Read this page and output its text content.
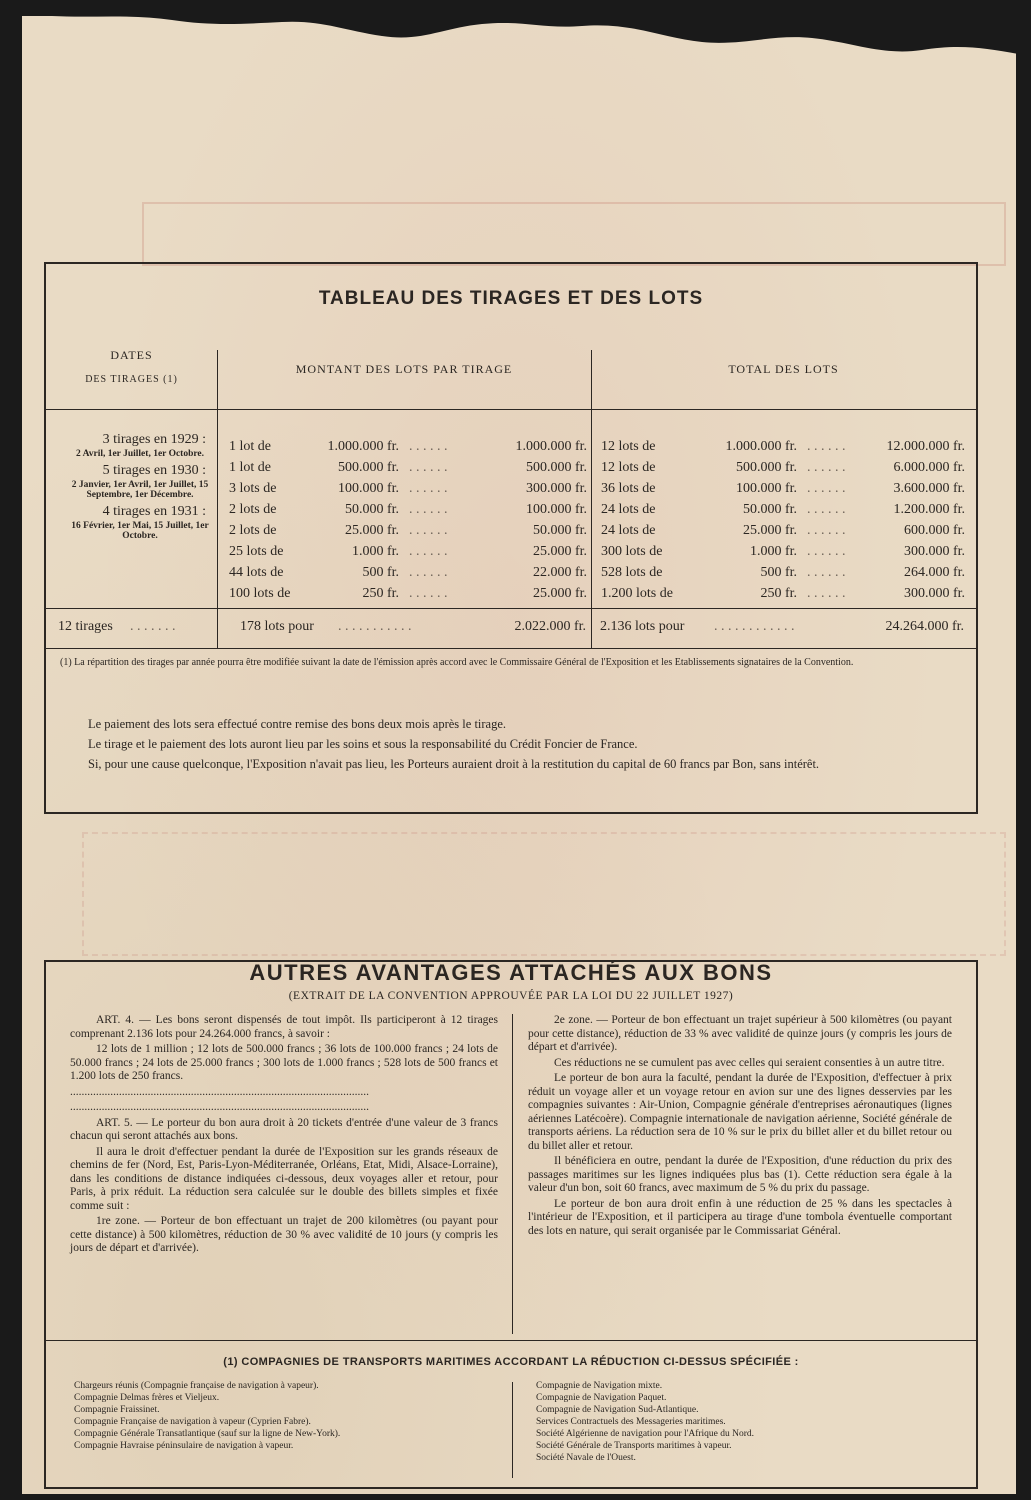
TABLEAU DES TIRAGES ET DES LOTS
DATES
DES TIRAGES (1)
MONTANT DES LOTS PAR TIRAGE	TOTAL DES LOTS
3 tirages en 1929 :
2 Avril, 1er Juillet, 1er Octobre.
5 tirages en 1930 :
2 Janvier, 1er Avril, 1er Juillet, 15 Septembre, 1er Décembre.
4 tirages en 1931 :
16 Février, 1er Mai, 15 Juillet, 1er Octobre.
1 lot de	1.000.000 fr. . . . . . .	1.000.000 fr. 12 lots de	1.000.000 fr. . . . . . .	12.000.000 fr.
1 lot de	500.000 fr. . . . . . .	500.000 fr. 12 lots de	500.000 fr. . . . . . .	6.000.000 fr.
3 lots de	100.000 fr. . . . . . .	300.000 fr. 36 lots de	100.000 fr. . . . . . .	3.600.000 fr.
2 lots de	50.000 fr. . . . . . .	100.000 fr. 24 lots de	50.000 fr. . . . . . .	1.200.000 fr.
2 lots de	25.000 fr. . . . . . .	50.000 fr. 24 lots de	25.000 fr. . . . . . .	600.000 fr.
25 lots de	1.000 fr. . . . . . .	25.000 fr. 300 lots de	1.000 fr. . . . . . .	300.000 fr.
44 lots de	500 fr. . . . . . .	22.000 fr. 528 lots de	500 fr. . . . . . .	264.000 fr.
100 lots de	250 fr. . . . . . .	25.000 fr. 1.200 lots de	250 fr. . . . . . .	300.000 fr.
12 tirages . . . . . . .	178 lots pour . . . . . . . . . . .	2.022.000 fr. 2.136 lots pour . . . . . . . . . . . .	24.264.000 fr.
(1) La répartition des tirages par année pourra être modifiée suivant la date de l'émission après accord avec le Commissaire Général de l'Exposition et les Etablissements signataires de la Convention.

Le paiement des lots sera effectué contre remise des bons deux mois après le tirage.

Le tirage et le paiement des lots auront lieu par les soins et sous la responsabilité du Crédit Foncier de France.

Si, pour une cause quelconque, l'Exposition n'avait pas lieu, les Porteurs auraient droit à la restitution du capital de 60 francs par Bon, sans intérêt.

AUTRES AVANTAGES ATTACHÉS AUX BONS
(EXTRAIT DE LA CONVENTION APPROUVÉE PAR LA LOI DU 22 JUILLET 1927)

ART. 4. — Les bons seront dispensés de tout impôt. Ils participeront à 12 tirages comprenant 2.136 lots pour 24.264.000 francs, à savoir :

12 lots de 1 million ; 12 lots de 500.000 francs ; 36 lots de 100.000 francs ; 24 lots de 50.000 francs ; 24 lots de 25.000 francs ; 300 lots de 1.000 francs ; 528 lots de 500 francs et 1.200 lots de 250 francs.

........................................................................................................

........................................................................................................

ART. 5. — Le porteur du bon aura droit à 20 tickets d'entrée d'une valeur de 3 francs chacun qui seront attachés aux bons.

Il aura le droit d'effectuer pendant la durée de l'Exposition sur les grands réseaux de chemins de fer (Nord, Est, Paris-Lyon-Méditerranée, Orléans, Etat, Midi, Alsace-Lorraine), dans les conditions de distance indiquées ci-dessous, deux voyages aller et retour, pour Paris, à prix réduit. La réduction sera calculée sur le double des billets simples et fixée comme suit :

1re zone. — Porteur de bon effectuant un trajet de 200 kilomètres (ou payant pour cette distance) à 500 kilomètres, réduction de 30 % avec validité de 10 jours (y compris les jours de départ et d'arrivée).

2e zone. — Porteur de bon effectuant un trajet supérieur à 500 kilomètres (ou payant pour cette distance), réduction de 33 % avec validité de quinze jours (y compris les jours de départ et d'arrivée).

Ces réductions ne se cumulent pas avec celles qui seraient consenties à un autre titre.

Le porteur de bon aura la faculté, pendant la durée de l'Exposition, d'effectuer à prix réduit un voyage aller et un voyage retour en avion sur une des lignes desservies par les compagnies suivantes : Air-Union, Compagnie générale d'entreprises aéronautiques (lignes aériennes Latécoère). Compagnie internationale de navigation aérienne, Société générale de transports aériens. La réduction sera de 10 % sur le prix du billet aller et du billet retour ou du billet aller et retour.

Il bénéficiera en outre, pendant la durée de l'Exposition, d'une réduction du prix des passages maritimes sur les lignes indiquées plus bas (1). Cette réduction sera égale à la valeur d'un bon, soit 60 francs, avec maximum de 5 % du prix du passage.

Le porteur de bon aura droit enfin à une réduction de 25 % dans les spectacles à l'intérieur de l'Exposition, et il participera au tirage d'une tombola éventuelle comportant des lots en nature, qui serait organisée par le Commissariat Général.

(1) COMPAGNIES DE TRANSPORTS MARITIMES ACCORDANT LA RÉDUCTION CI-DESSUS SPÉCIFIÉE :
Chargeurs réunis (Compagnie française de navigation à vapeur).
Compagnie Delmas frères et Vieljeux.
Compagnie Fraissinet.
Compagnie Française de navigation à vapeur (Cyprien Fabre).
Compagnie Générale Transatlantique (sauf sur la ligne de New-York).
Compagnie Havraise péninsulaire de navigation à vapeur.
Compagnie de Navigation mixte.
Compagnie de Navigation Paquet.
Compagnie de Navigation Sud-Atlantique.
Services Contractuels des Messageries maritimes.
Société Algérienne de navigation pour l'Afrique du Nord.
Société Générale de Transports maritimes à vapeur.
Société Navale de l'Ouest.
